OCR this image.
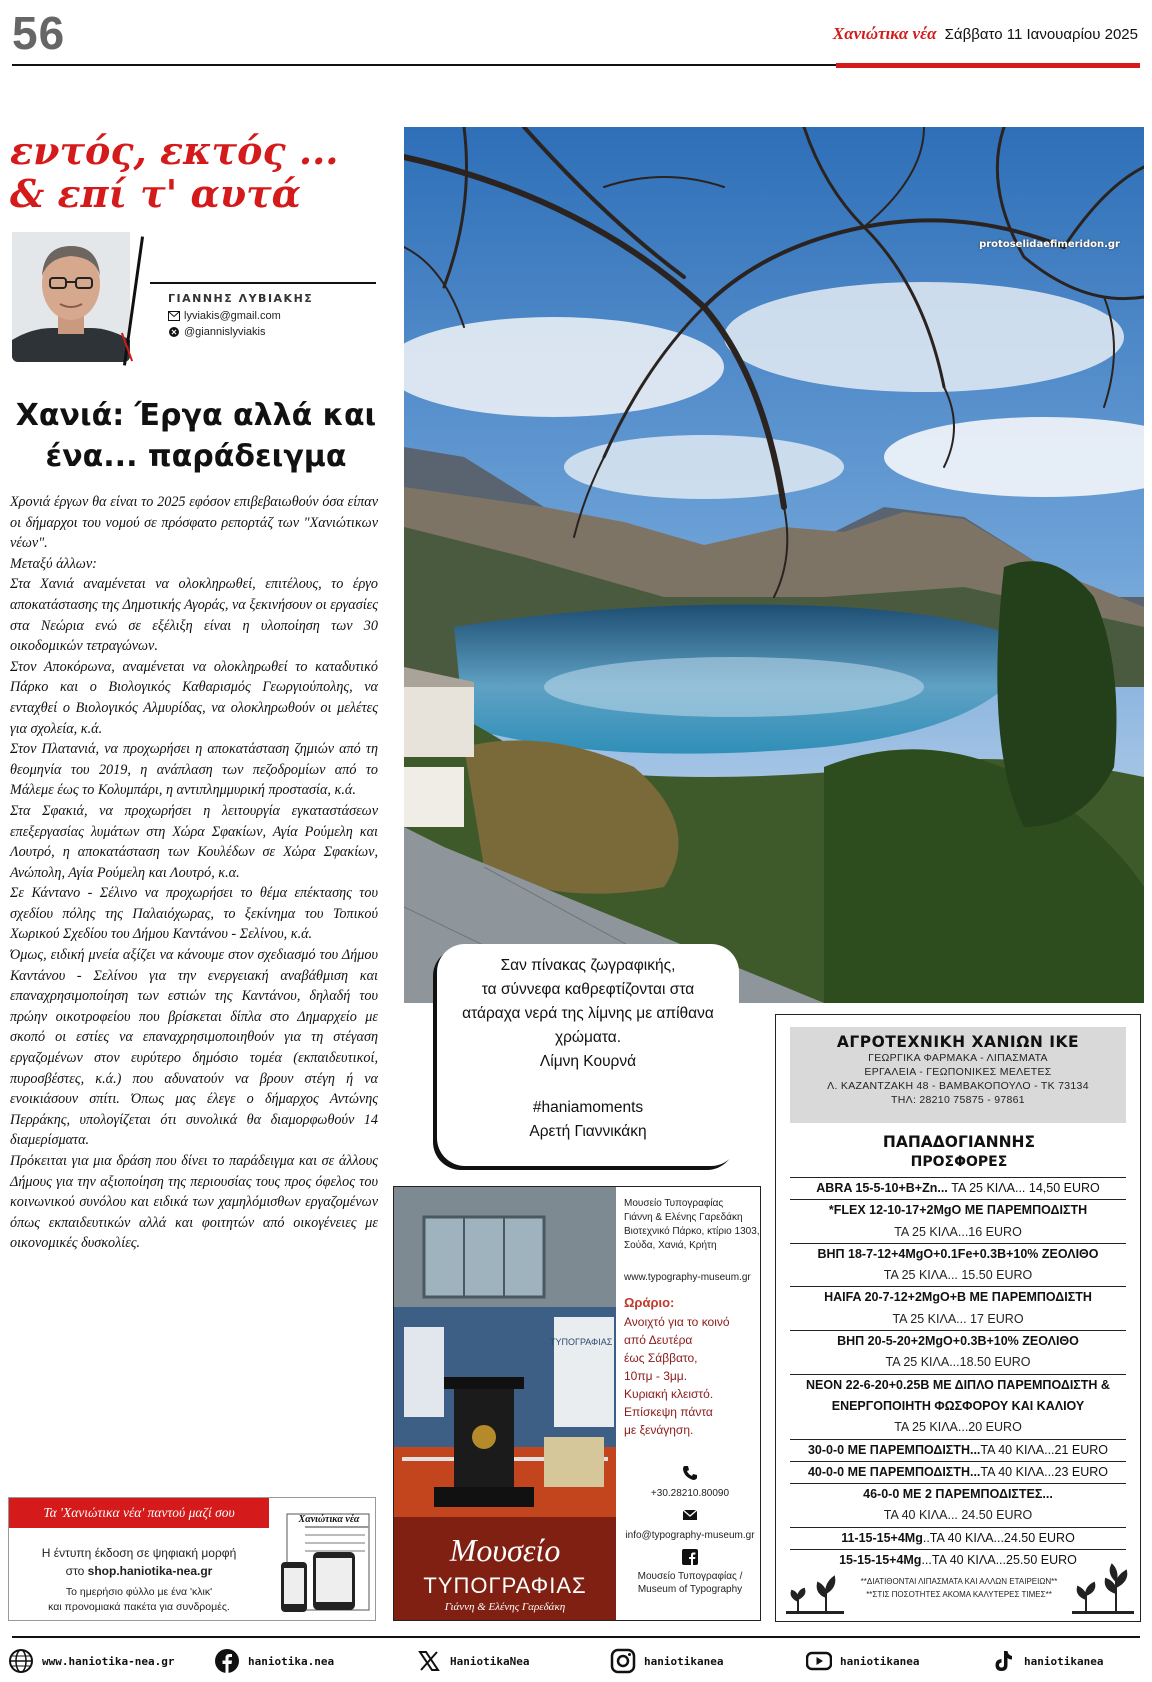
56	Χανιώτικα νέα Σάββατο 11 Ιανουαρίου 2025
εντός, εκτός ...
& επί τ' αυτά
ΓΙΑΝΝΗΣ ΛΥΒΙΑΚΗΣ
lyviakis@gmail.com
@giannislyviakis
Χανιά: Έργα αλλά και
ένα... παράδειγμα

Χρονιά έργων θα είναι το 2025 εφόσον επιβεβαιωθούν όσα είπαν οι δήμαρχοι του νομού σε πρόσφατο ρεπορτάζ των "Χανιώτικων νέων".

Μεταξύ άλλων:

Στα Χανιά αναμένεται να ολοκληρωθεί, επιτέλους, το έργο αποκατάστασης της Δημοτικής Αγοράς, να ξεκινήσουν οι εργασίες στα Νεώρια ενώ σε εξέλιξη είναι η υλοποίηση των 30 οικοδομικών τετραγώνων.

Στον Αποκόρωνα, αναμένεται να ολοκληρωθεί το καταδυτικό Πάρκο και ο Βιολογικός Καθαρισμός Γεωργιούπολης, να ενταχθεί ο Βιολογικός Αλμυρίδας, να ολοκληρωθούν οι μελέτες για σχολεία, κ.ά.

Στον Πλατανιά, να προχωρήσει η αποκατάσταση ζημιών από τη θεομηνία του 2019, η ανάπλαση των πεζοδρομίων από το Μάλεμε έως το Κολυμπάρι, η αντιπλημμυρική προστασία, κ.ά.

Στα Σφακιά, να προχωρήσει η λειτουργία εγκαταστάσεων επεξεργασίας λυμάτων στη Χώρα Σφακίων, Αγία Ρούμελη και Λουτρό, η αποκατάσταση των Κουλέδων σε Χώρα Σφακίων, Ανώπολη, Αγία Ρούμελη και Λουτρό, κ.α.

Σε Κάντανο - Σέλινο να προχωρήσει το θέμα επέκτασης του σχεδίου πόλης της Παλαιόχωρας, το ξεκίνημα του Τοπικού Χωρικού Σχεδίου του Δήμου Καντάνου - Σελίνου, κ.ά.

Όμως, ειδική μνεία αξίζει να κάνουμε στον σχεδιασμό του Δήμου Καντάνου - Σελίνου για την ενεργειακή αναβάθμιση και επαναχρησιμοποίηση των εστιών της Καντάνου, δηλαδή του πρώην οικοτροφείου που βρίσκεται δίπλα στο Δημαρχείο με σκοπό οι εστίες να επαναχρησιμοποιηθούν για τη στέγαση εργαζομένων στον ευρύτερο δημόσιο τομέα (εκπαιδευτικοί, πυροσβέστες, κ.ά.) που αδυνατούν να βρουν στέγη ή να ενοικιάσουν σπίτι. Όπως μας έλεγε ο δήμαρχος Αντώνης Περράκης, υπολογίζεται ότι συνολικά θα διαμορφωθούν 14 διαμερίσματα.

Πρόκειται για μια δράση που δίνει το παράδειγμα και σε άλλους Δήμους για την αξιοποίηση της περιουσίας τους προς όφελος του κοινωνικού συνόλου και ειδικά των χαμηλόμισθων εργαζομένων όπως εκπαιδευτικών αλλά και φοιτητών από οικογένειες με οικονομικές δυσκολίες.

Τα 'Χανιώτικα νέα' παντού μαζί σου
Η έντυπη έκδοση σε ψηφιακή μορφή
στο shop.haniotika-nea.gr
Το ημερήσιο φύλλο με ένα 'κλικ'
και προνομιακά πακέτα για συνδρομές.
Χανιώτικα νέα
protoselidaefimeridon.gr
Σαν πίνακας ζωγραφικής,
τα σύννεφα καθρεφτίζονται στα
ατάραχα νερά της λίμνης με απίθανα
χρώματα.
Λίμνη Κουρνά
#haniamoments
Αρετή Γιαννικάκη
ΤΥΠΟΓΡΑΦΙΑΣ
Μουσείο
ΤΥΠΟΓΡΑΦΙΑΣ
Γιάννη & Ελένης Γαρεδάκη
Μουσείο Τυπογραφίας
Γιάννη & Ελένης Γαρεδάκη
Βιοτεχνικό Πάρκο, κτίριο 1303,
Σούδα, Χανιά, Κρήτη
www.typography-museum.gr
Ωράριο:
Ανοιχτό για το κοινό
από Δευτέρα
έως Σάββατο,
10πμ - 3μμ.
Κυριακή κλειστό.
Επίσκεψη πάντα
με ξενάγηση.
+30.28210.80090
info@typography-museum.gr
Μουσείο Τυπογραφίας /
Museum of Typography
ΑΓΡΟΤΕΧΝΙΚΗ ΧΑΝΙΩΝ ΙΚΕ
ΓΕΩΡΓΙΚΑ ΦΑΡΜΑΚΑ - ΛΙΠΑΣΜΑΤΑ
ΕΡΓΑΛΕΙΑ - ΓΕΩΠΟΝΙΚΕΣ ΜΕΛΕΤΕΣ
Λ. ΚΑΖΑΝΤΖΑΚΗ 48 - ΒΑΜΒΑΚΟΠΟΥΛΟ - ΤΚ 73134
ΤΗΛ: 28210 75875 - 97861
ΠΑΠΑΔΟΓΙΑΝΝΗΣ
ΠΡΟΣΦΟΡΕΣ
ABRA 15-5-10+B+Zn... ΤΑ 25 ΚΙΛΑ... 14,50 EURO
*FLEX 12-10-17+2MgO ΜΕ ΠΑΡΕΜΠΟΔΙΣΤΗ
ΤΑ 25 ΚΙΛΑ...16 EURO
ΒΗΠ 18-7-12+4MgO+0.1Fe+0.3B+10% ΖΕΟΛΙΘΟ
ΤΑ 25 ΚΙΛΑ... 15.50 EURO
HAIFA 20-7-12+2MgO+B ΜΕ ΠΑΡΕΜΠΟΔΙΣΤΗ
ΤΑ 25 ΚΙΛΑ... 17 EURO
ΒΗΠ 20-5-20+2MgO+0.3B+10% ΖΕΟΛΙΘΟ
ΤΑ 25 ΚΙΛΑ...18.50 EURO
NEON 22-6-20+0.25B ΜΕ ΔΙΠΛΟ ΠΑΡΕΜΠΟΔΙΣΤΗ &
ΕΝΕΡΓΟΠΟΙΗΤΗ ΦΩΣΦΟΡΟΥ ΚΑΙ ΚΑΛΙΟΥ
ΤΑ 25 ΚΙΛΑ...20 EURO
30-0-0 ΜΕ ΠΑΡΕΜΠΟΔΙΣΤΗ...ΤΑ 40 ΚΙΛΑ...21 EURO
40-0-0 ΜΕ ΠΑΡΕΜΠΟΔΙΣΤΗ...ΤΑ 40 ΚΙΛΑ...23 EURO
46-0-0 ΜΕ 2 ΠΑΡΕΜΠΟΔΙΣΤΕΣ...
ΤΑ 40 ΚΙΛΑ... 24.50 EURO
11-15-15+4Mg..ΤΑ 40 ΚΙΛΑ...24.50 EURO
15-15-15+4Mg...ΤΑ 40 ΚΙΛΑ...25.50 EURO
**ΔΙΑΤΙΘΟΝΤΑΙ ΛΙΠΑΣΜΑΤΑ ΚΑΙ ΑΛΛΩΝ ΕΤΑΙΡΕΙΩΝ**
**ΣΤΙΣ ΠΟΣΟΤΗΤΕΣ ΑΚΟΜΑ ΚΑΛΥΤΕΡΕΣ ΤΙΜΕΣ**
www.haniotika-nea.gr	haniotika.nea	HaniotikaNea	haniotikanea	haniotikanea	haniotikanea
